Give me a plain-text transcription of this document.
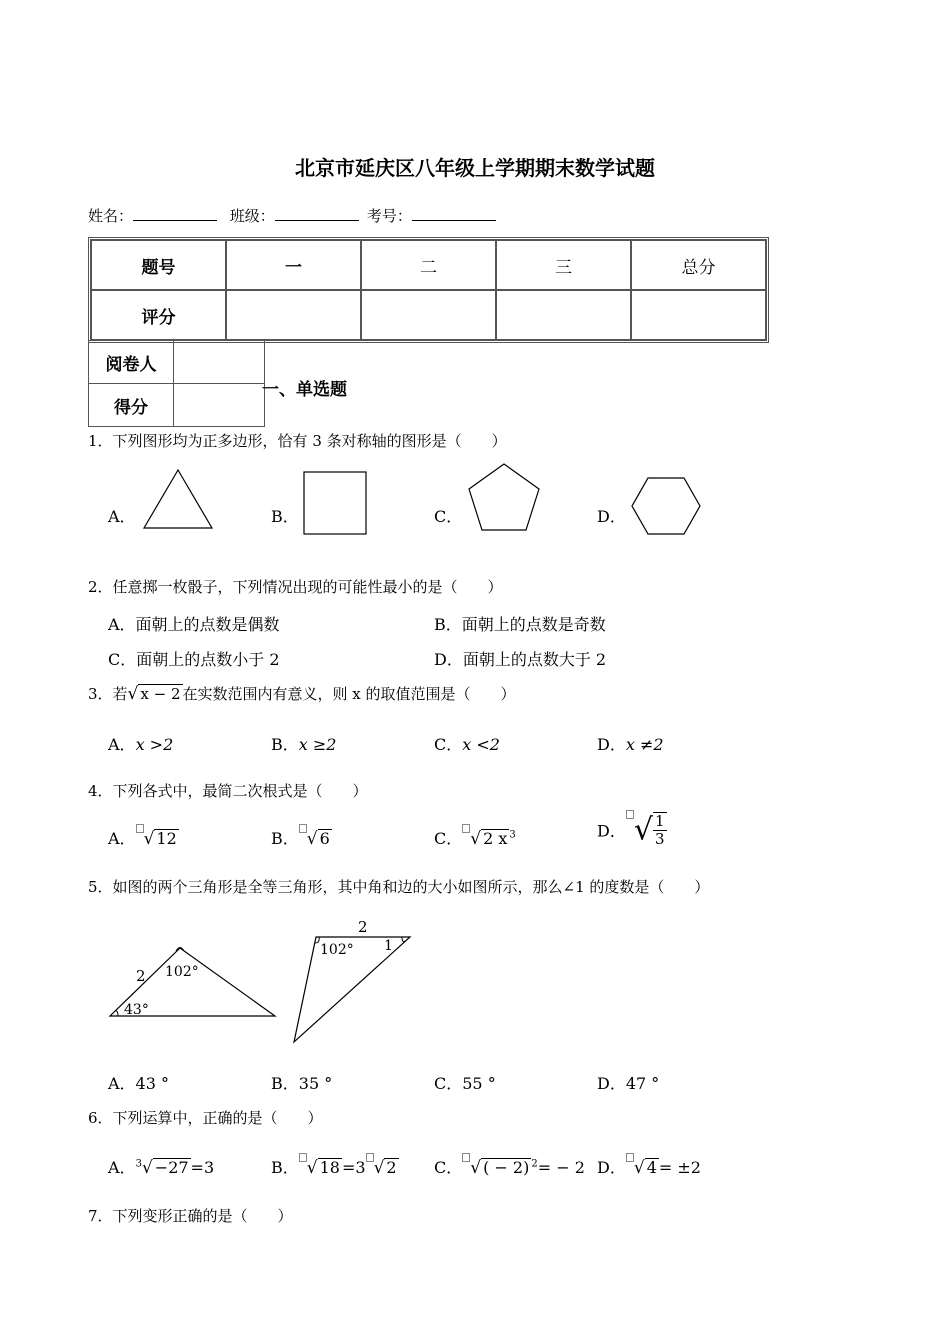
北京市延庆区八年级上学期期末数学试题
姓名：	班级：	考号：
题号	一	二	三	总分
评分				
阅卷人	
得分	
一、单选题
1．下列图形均为正多边形，恰有 3 条对称轴的图形是（　　）
A．	B．	C．	D．
2．任意掷一枚骰子，下列情况出现的可能性最小的是（　　）
A．面朝上的点数是偶数	B．面朝上的点数是奇数
C．面朝上的点数小于 2	D．面朝上的点数大于 2
3．若√ x − 2 在实数范围内有意义，则 x 的取值范围是（　　）
A．x >2	B．x ≥2	C．x <2	D．x ≠2
4．下列各式中，最简二次根式是（　　）
A． √ 12	B． √ 6	C． √ 2 x $^3$	D． √ $\frac{1}{3}$
5．如图的两个三角形是全等三角形，其中角和边的大小如图所示，那么∠1 的度数是（　　）
2 102°
43°
2
102° 1
A．43 °	B．35 °	C．55 °	D．47 °
6．下列运算中，正确的是（　　）
A．$^3$√ −27 =3	B． √ 18 =3 √ 2 C． √ ( − 2) $^2$= − 2 D． √ 4 = ±2
7．下列变形正确的是（　　）
